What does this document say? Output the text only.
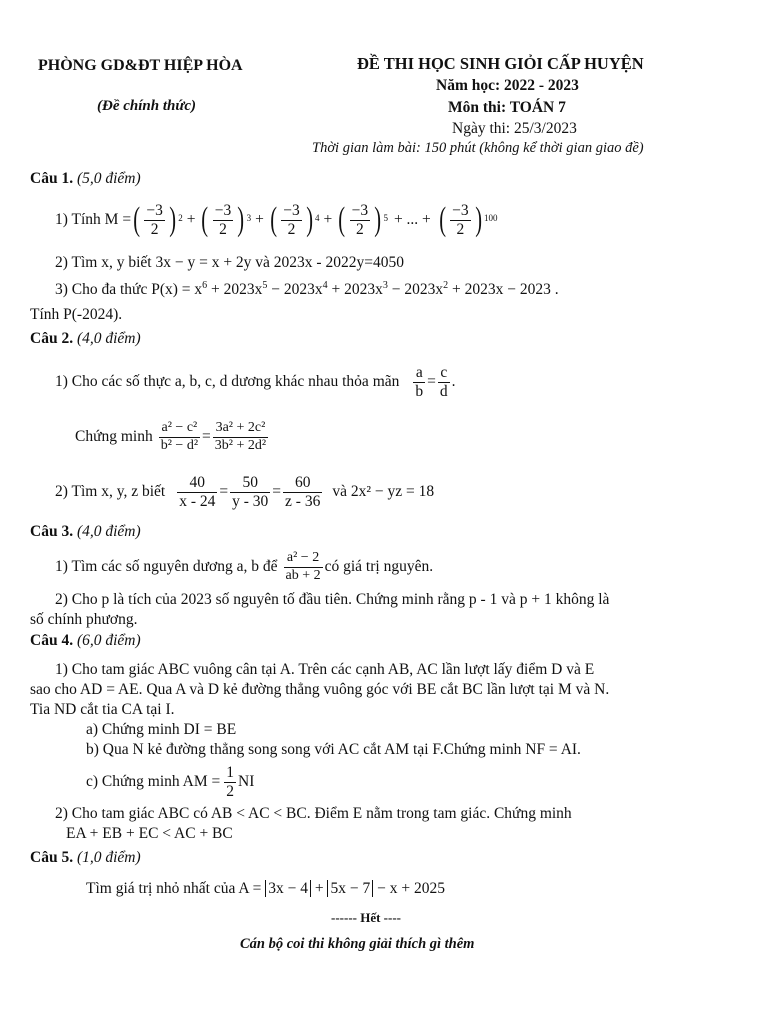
PHÒNG GD&ĐT HIỆP HÒA
(Đề chính thức)
ĐỀ THI HỌC SINH GIỎI CẤP HUYỆN
Năm học: 2022 - 2023
Môn thi: TOÁN 7
Ngày thi: 25/3/2023
Thời gian làm bài: 150 phút (không kể thời gian giao đề)
Câu 1. (5,0 điểm)
1) Tính M = ( $\frac{-3}{2}$ ) 2 + ( $\frac{-3}{2}$ ) 3 + ( $\frac{-3}{2}$ ) 4 + ( $\frac{-3}{2}$ ) 5 + ... + ( $\frac{-3}{2}$ ) 100
2) Tìm x, y biết 3x − y = x + 2y và 2023x - 2022y=4050
3) Cho đa thức $P(x) = x^6 + 2023x^5 - 2023x^4 + 2023x^3 - 2023x^2 + 2023x - 2023$ .
Tính P(-2024).
Câu 2. (4,0 điểm)
1) Cho các số thực a, b, c, d dương khác nhau thỏa mãn $\frac{a}{b} = \frac{c}{d}$ .
Chứng minh $\frac{\text{a² − c²}}{\text{b² − d²}} = \frac{\text{3a² + 2c²}}{\text{3b² + 2d²}}$
2) Tìm x, y, z biết $\frac{40}{x - 24} = \frac{50}{y - 30} = \frac{60}{z - 36}$ và 2x² − yz = 18
Câu 3. (4,0 điểm)
1) Tìm các số nguyên dương a, b để $\frac{\text{a² − 2}}{ab + 2}$ có giá trị nguyên.
2) Cho p là tích của 2023 số nguyên tố đầu tiên. Chứng minh rằng p - 1 và p + 1 không là
số chính phương.
Câu 4. (6,0 điểm)
1) Cho tam giác ABC vuông cân tại A. Trên các cạnh AB, AC lần lượt lấy điểm D và E
sao cho AD = AE. Qua A và D kẻ đường thẳng vuông góc với BE cắt BC lần lượt tại M và N.
Tia ND cắt tia CA tại I.
a) Chứng minh DI = BE
b) Qua N kẻ đường thẳng song song với AC cắt AM tại F.Chứng minh NF = AI.
c) Chứng minh AM = $\frac{1}{2}$ NI
2) Cho tam giác ABC có AB < AC < BC. Điểm E nằm trong tam giác. Chứng minh
EA + EB + EC < AC + BC
Câu 5. (1,0 điểm)
Tìm giá trị nhỏ nhất của A = 3x − 4 + 5x − 7 − x + 2025
------ Hết ----
Cán bộ coi thi không giải thích gì thêm
